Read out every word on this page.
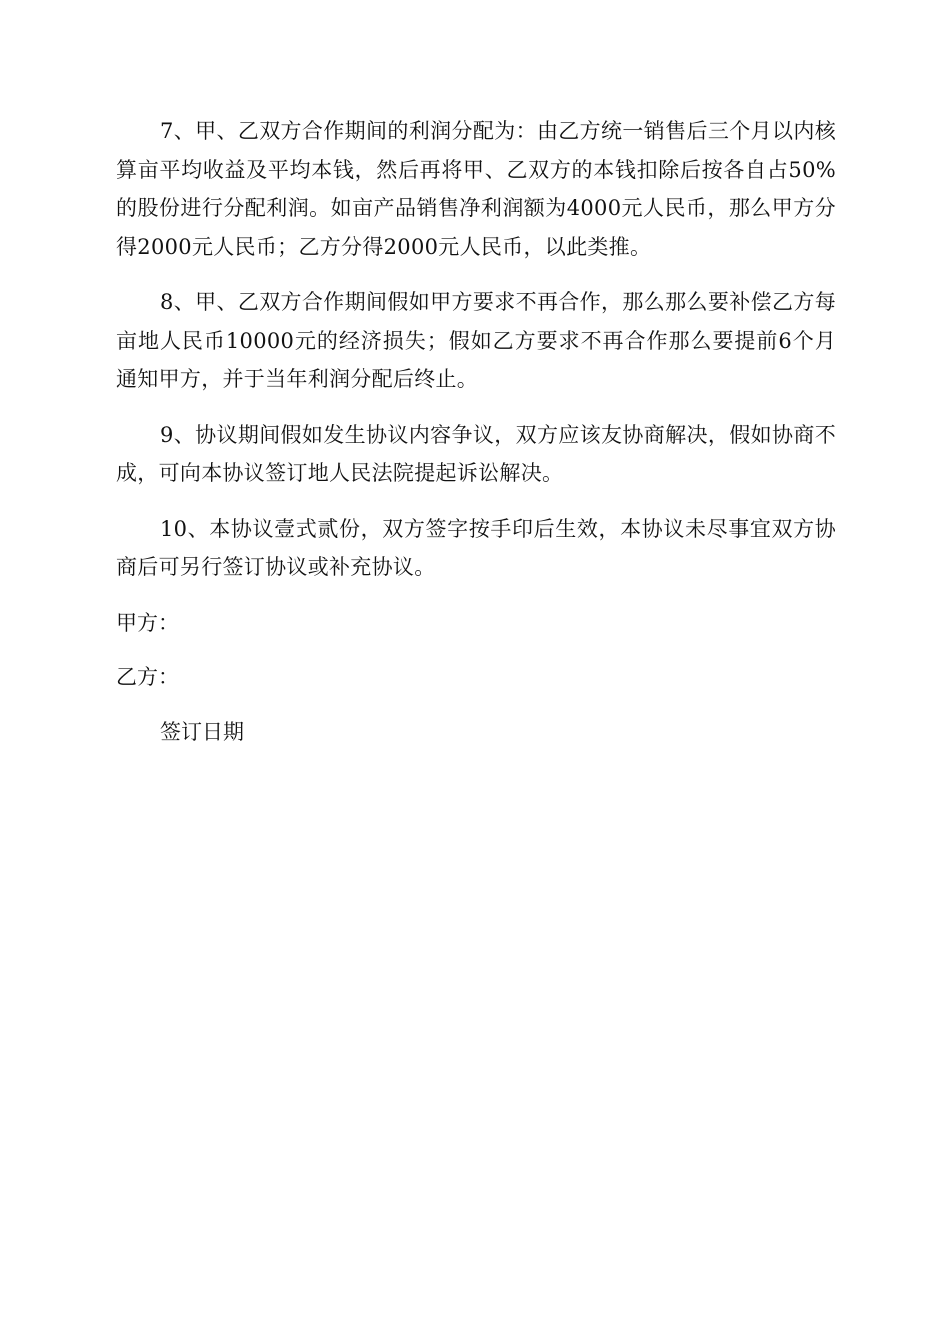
7、甲、乙双方合作期间的利润分配为：由乙方统一销售后三个月以内核算亩平均收益及平均本钱，然后再将甲、乙双方的本钱扣除后按各自占50%的股份进行分配利润。如亩产品销售净利润额为4000元人民币，那么甲方分得2000元人民币；乙方分得2000元人民币，以此类推。

8、甲、乙双方合作期间假如甲方要求不再合作，那么那么要补偿乙方每亩地人民币10000元的经济损失；假如乙方要求不再合作那么要提前6个月通知甲方，并于当年利润分配后终止。

9、协议期间假如发生协议内容争议，双方应该友协商解决，假如协商不成，可向本协议签订地人民法院提起诉讼解决。

10、本协议壹式贰份，双方签字按手印后生效，本协议未尽事宜双方协商后可另行签订协议或补充协议。

甲方：

乙方：

签订日期
